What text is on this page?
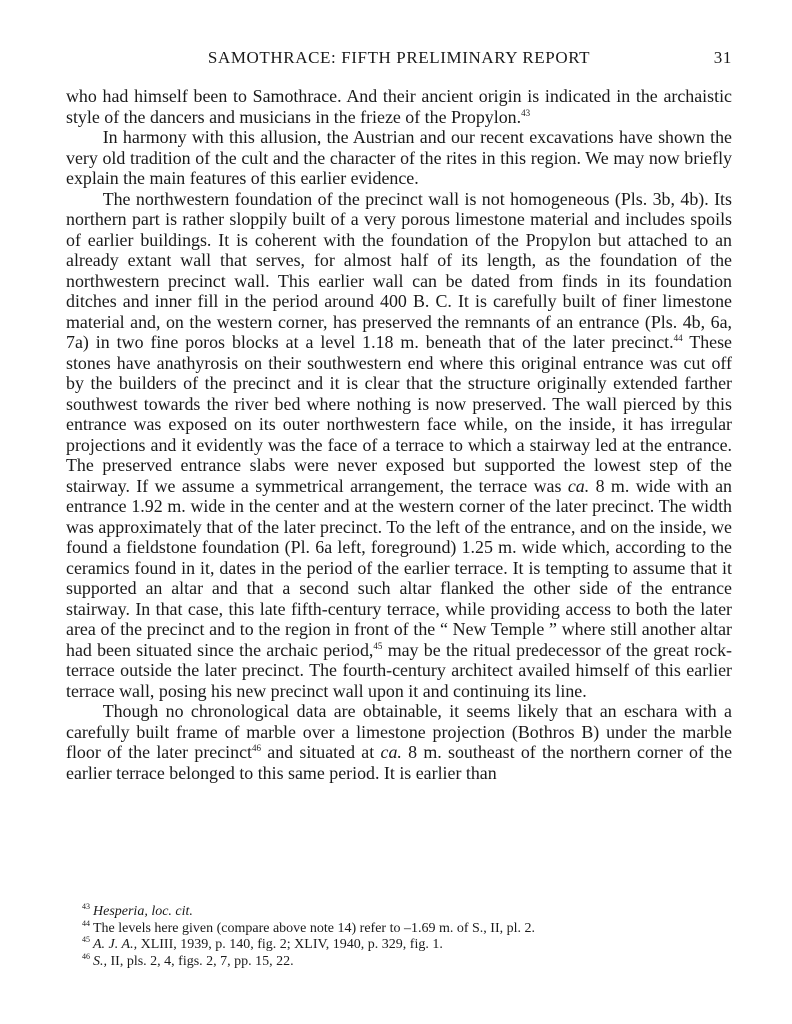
SAMOTHRACE: FIFTH PRELIMINARY REPORT	31

who had himself been to Samothrace. And their ancient origin is indicated in the archaistic style of the dancers and musicians in the frieze of the Propylon.$^{43}$

In harmony with this allusion, the Austrian and our recent excavations have shown the very old tradition of the cult and the character of the rites in this region. We may now briefly explain the main features of this earlier evidence.

The northwestern foundation of the precinct wall is not homogeneous (Pls. 3b, 4b). Its northern part is rather sloppily built of a very porous limestone material and includes spoils of earlier buildings. It is coherent with the foundation of the Propylon but attached to an already extant wall that serves, for almost half of its length, as the foundation of the northwestern precinct wall. This earlier wall can be dated from finds in its foundation ditches and inner fill in the period around 400 B. C. It is carefully built of finer limestone material and, on the western corner, has preserved the remnants of an entrance (Pls. 4b, 6a, 7a) in two fine poros blocks at a level 1.18 m. beneath that of the later precinct.$^{44}$ These stones have anathyrosis on their southwestern end where this original entrance was cut off by the builders of the precinct and it is clear that the structure originally extended farther southwest towards the river bed where nothing is now preserved. The wall pierced by this entrance was exposed on its outer northwestern face while, on the inside, it has irregular projections and it evidently was the face of a terrace to which a stairway led at the entrance. The preserved entrance slabs were never exposed but supported the lowest step of the stairway. If we assume a symmetrical arrangement, the terrace was ca. 8 m. wide with an entrance 1.92 m. wide in the center and at the western corner of the later precinct. The width was approximately that of the later precinct. To the left of the entrance, and on the inside, we found a fieldstone foundation (Pl. 6a left, foreground) 1.25 m. wide which, according to the ceramics found in it, dates in the period of the earlier terrace. It is tempting to assume that it supported an altar and that a second such altar flanked the other side of the entrance stairway. In that case, this late fifth-century terrace, while providing access to both the later area of the precinct and to the region in front of the “ New Temple ” where still another altar had been situated since the archaic period,$^{45}$ may be the ritual predecessor of the great rock-terrace outside the later precinct. The fourth-century architect availed himself of this earlier terrace wall, posing his new precinct wall upon it and continuing its line.

Though no chronological data are obtainable, it seems likely that an eschara with a carefully built frame of marble over a limestone projection (Bothros B) under the marble floor of the later precinct$^{46}$ and situated at ca. 8 m. southeast of the northern corner of the earlier terrace belonged to this same period. It is earlier than

$^{43}$ Hesperia, loc. cit.

$^{44}$ The levels here given (compare above note 14) refer to –1.69 m. of S., II, pl. 2.

$^{45}$ A. J. A., XLIII, 1939, p. 140, fig. 2; XLIV, 1940, p. 329, fig. 1.

$^{46}$ S., II, pls. 2, 4, figs. 2, 7, pp. 15, 22.
